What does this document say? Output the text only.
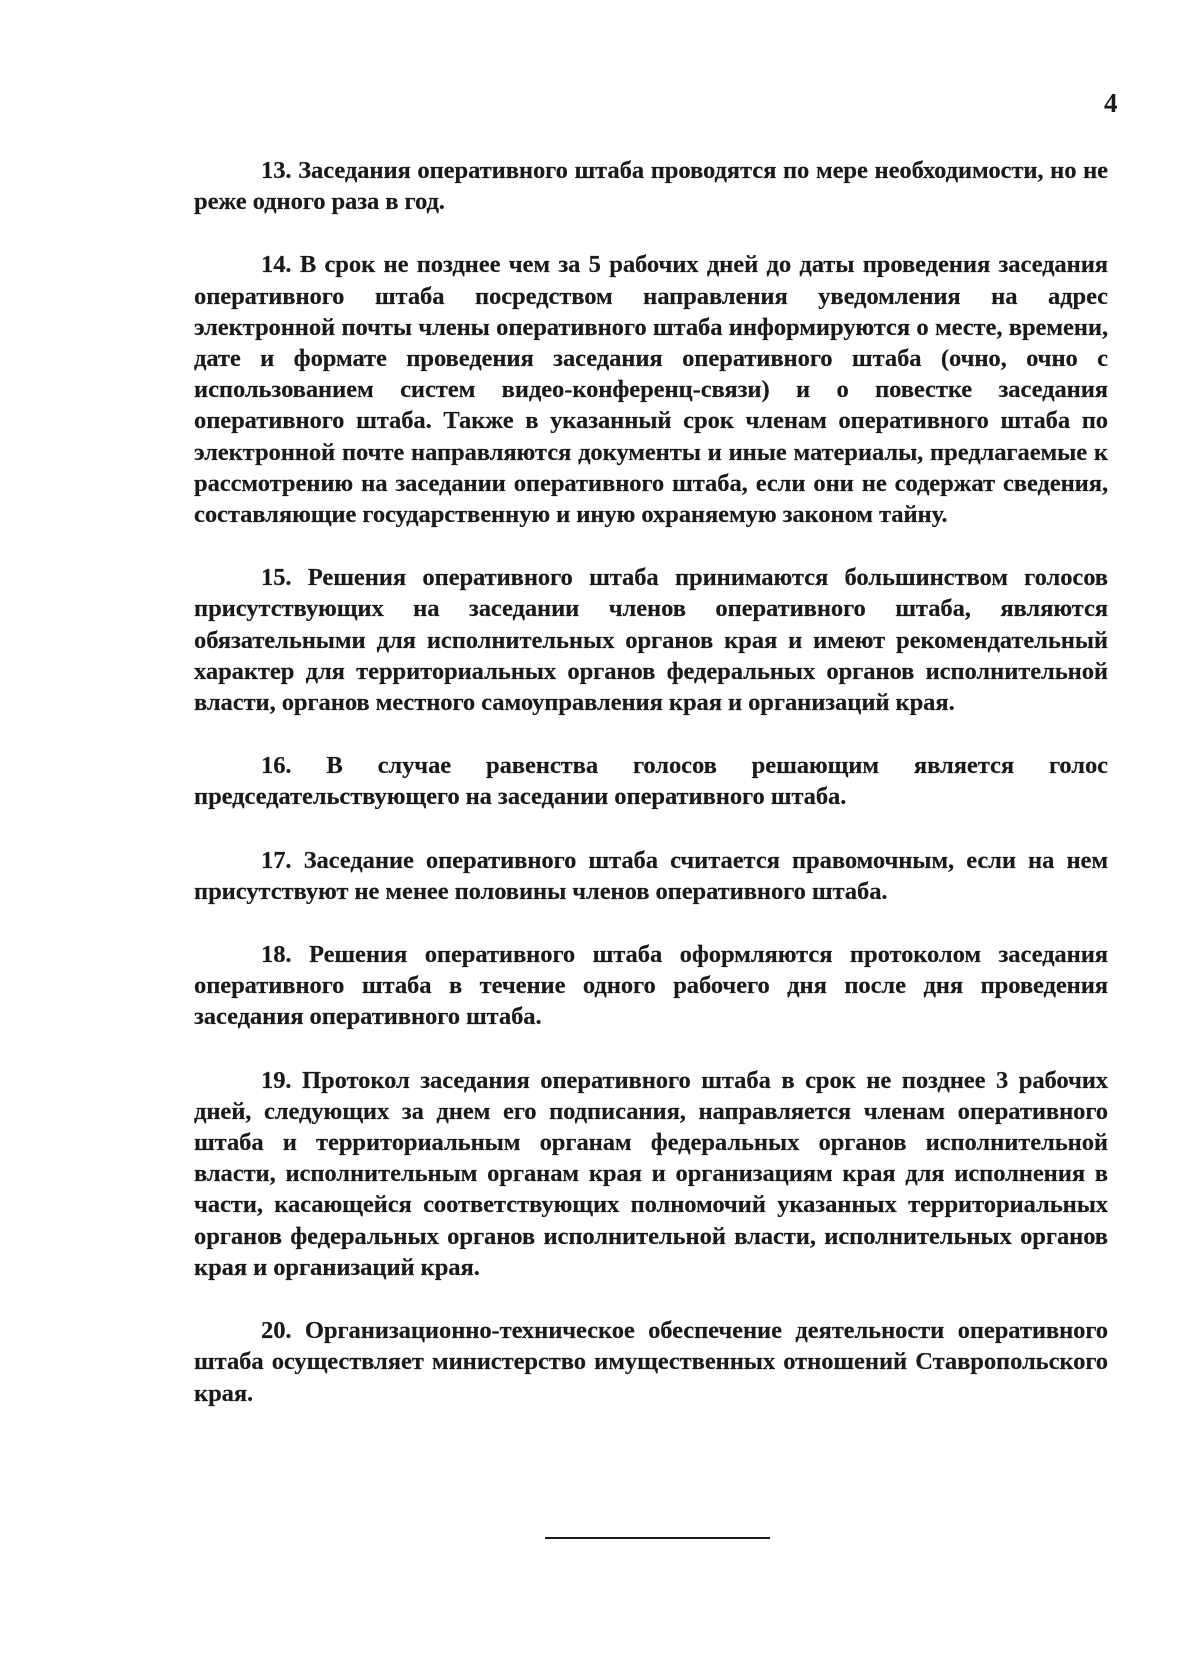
4

13. Заседания оперативного штаба проводятся по мере необходимости, но не реже одного раза в год.

14. В срок не позднее чем за 5 рабочих дней до даты проведения заседания оперативного штаба посредством направления уведомления на адрес электронной почты члены оперативного штаба информируются о месте, времени, дате и формате проведения заседания оперативного штаба (очно, очно с использованием систем видео-конференц-связи) и о повестке заседания оперативного штаба. Также в указанный срок членам оперативного штаба по электронной почте направляются документы и иные материалы, предлагаемые к рассмотрению на заседании оперативного штаба, если они не содержат сведения, составляющие государственную и иную охраняемую законом тайну.

15. Решения оперативного штаба принимаются большинством голосов присутствующих на заседании членов оперативного штаба, являются обязательными для исполнительных органов края и имеют рекомендательный характер для территориальных органов федеральных органов исполнительной власти, органов местного самоуправления края и организаций края.

16. В случае равенства голосов решающим является голос председательствующего на заседании оперативного штаба.

17. Заседание оперативного штаба считается правомочным, если на нем присутствуют не менее половины членов оперативного штаба.

18. Решения оперативного штаба оформляются протоколом заседания оперативного штаба в течение одного рабочего дня после дня проведения заседания оперативного штаба.

19. Протокол заседания оперативного штаба в срок не позднее 3 рабочих дней, следующих за днем его подписания, направляется членам оперативного штаба и территориальным органам федеральных органов исполнительной власти, исполнительным органам края и организациям края для исполнения в части, касающейся соответствующих полномочий указанных территориальных органов федеральных органов исполнительной власти, исполнительных органов края и организаций края.

20. Организационно-техническое обеспечение деятельности оперативного штаба осуществляет министерство имущественных отношений Ставропольского края.
